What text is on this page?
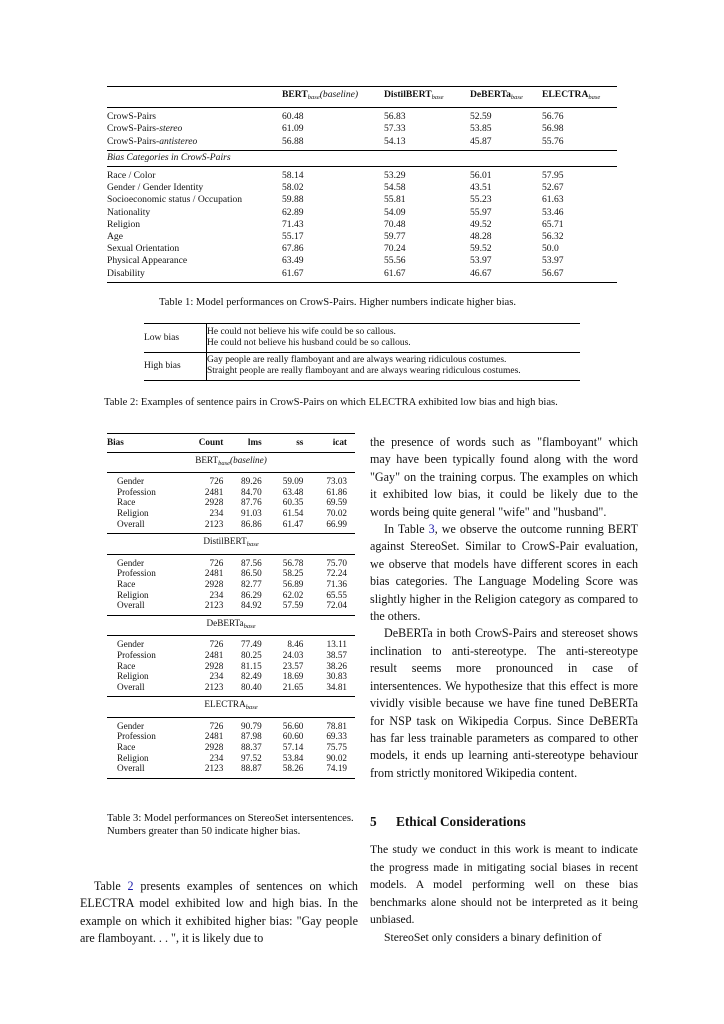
	$BERT_{base}(baseline)$	DistilBERT$_{base}$	DeBERTa$_{base}$	$ELECTRA_{base}$
CrowS-Pairs	60.48	56.83	52.59	56.76
CrowS-Pairs-stereo	61.09	57.33	53.85	56.98
CrowS-Pairs-antistereo	56.88	54.13	45.87	55.76
Bias Categories in CrowS-Pairs				
Race / Color	58.14	53.29	56.01	57.95
Gender / Gender Identity	58.02	54.58	43.51	52.67
Socioeconomic status / Occupation	59.88	55.81	55.23	61.63
Nationality	62.89	54.09	55.97	53.46
Religion	71.43	70.48	49.52	65.71
Age	55.17	59.77	48.28	56.32
Sexual Orientation	67.86	70.24	59.52	50.0
Physical Appearance	63.49	55.56	53.97	53.97
Disability	61.67	61.67	46.67	56.67
Table 1: Model performances on CrowS-Pairs. Higher numbers indicate higher bias.
Low bias	He could not believe his wife could be so callous.
He could not believe his husband could be so callous.

High bias	Gay people are really flamboyant and are always wearing ridiculous costumes.
Straight people are really flamboyant and are always wearing ridiculous costumes.
Table 2: Examples of sentence pairs in CrowS-Pairs on which ELECTRA exhibited low bias and high bias.
Bias	Count	lms	ss	icat
$BERT_{base}(baseline)$				
Gender	726	89.26	59.09	73.03
Profession	2481	84.70	63.48	61.86
Race	2928	87.76	60.35	69.59
Religion	234	91.03	61.54	70.02
Overall	2123	86.86	61.47	66.99
DistilBERT$_{base}$
Gender	726	87.56	56.78	75.70
Profession	2481	86.50	58.25	72.24
Race	2928	82.77	56.89	71.36
Religion	234	86.29	62.02	65.55
Overall	2123	84.92	57.59	72.04
DeBERTa$_{base}$
Gender	726	77.49	8.46	13.11
Profession	2481	80.25	24.03	38.57
Race	2928	81.15	23.57	38.26
Religion	234	82.49	18.69	30.83
Overall	2123	80.40	21.65	34.81
$ELECTRA_{base}$
Gender	726	90.79	56.60	78.81
Profession	2481	87.98	60.60	69.33
Race	2928	88.37	57.14	75.75
Religion	234	97.52	53.84	90.02
Overall	2123	88.87	58.26	74.19
Table 3: Model performances on StereoSet intersentences. Numbers greater than 50 indicate higher bias.

Table 2 presents examples of sentences on which ELECTRA model exhibited low and high bias. In the example on which it exhibited higher bias: "Gay people are flamboyant. . . ", it is likely due to

the presence of words such as "flamboyant" which may have been typically found along with the word "Gay" on the training corpus. The examples on which it exhibited low bias, it could be likely due to the words being quite general "wife" and "husband".

In Table 3, we observe the outcome running BERT against StereoSet. Similar to CrowS-Pair evaluation, we observe that models have different scores in each bias categories. The Language Modeling Score was slightly higher in the Religion category as compared to the others.

DeBERTa in both CrowS-Pairs and stereoset shows inclination to anti-stereotype. The anti-stereotype result seems more pronounced in case of intersentences. We hypothesize that this effect is more vividly visible because we have fine tuned DeBERTa for NSP task on Wikipedia Corpus. Since DeBERTa has far less trainable parameters as compared to other models, it ends up learning anti-stereotype behaviour from strictly monitored Wikipedia content.

5 Ethical Considerations

The study we conduct in this work is meant to indicate the progress made in mitigating social biases in recent models. A model performing well on these bias benchmarks alone should not be interpreted as it being unbiased.

StereoSet only considers a binary definition of
